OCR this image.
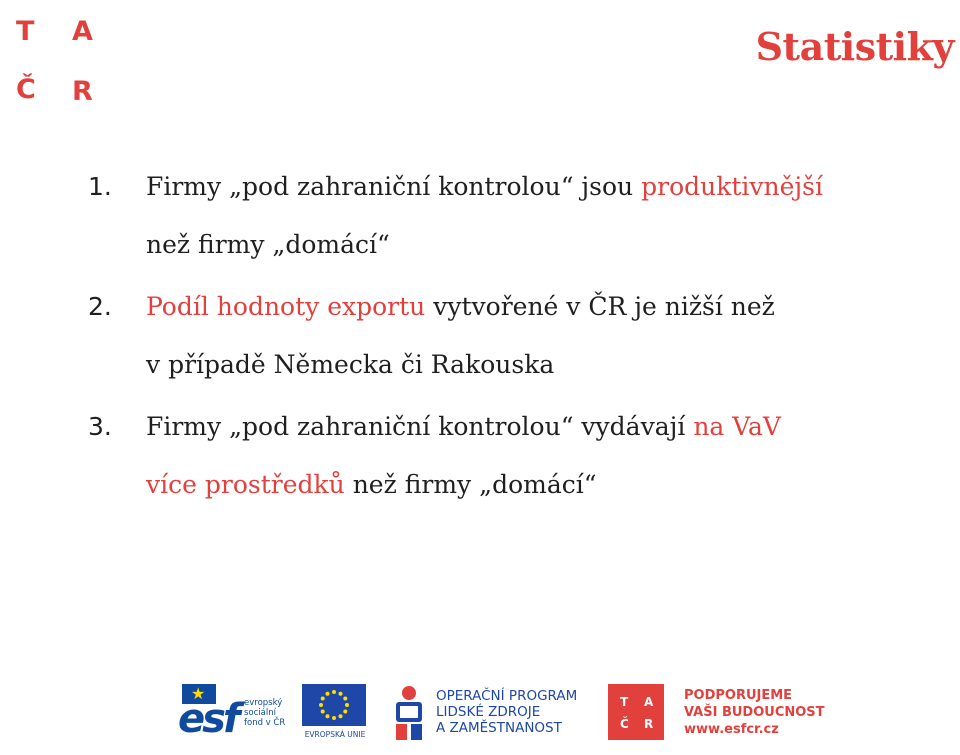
T A
Č R
Statistiky
1. Firmy „pod zahraniční kontrolou“ jsou produktivnější
než firmy „domácí“
2. Podíl hodnoty exportu vytvořené v ČR je nižší než
v případě Německa či Rakouska
3. Firmy „pod zahraniční kontrolou“ vydávají na VaV
více prostředků než firmy „domácí“
★
esf evropský
sociální
fond v ČR
EVROPSKÁ UNIE
OPERAČNÍ PROGRAM
LIDSKÉ ZDROJE
A ZAMĚSTNANOST
T A
Č R
PODPORUJEME
VAŠI BUDOUCNOST
www.esfcr.cz
